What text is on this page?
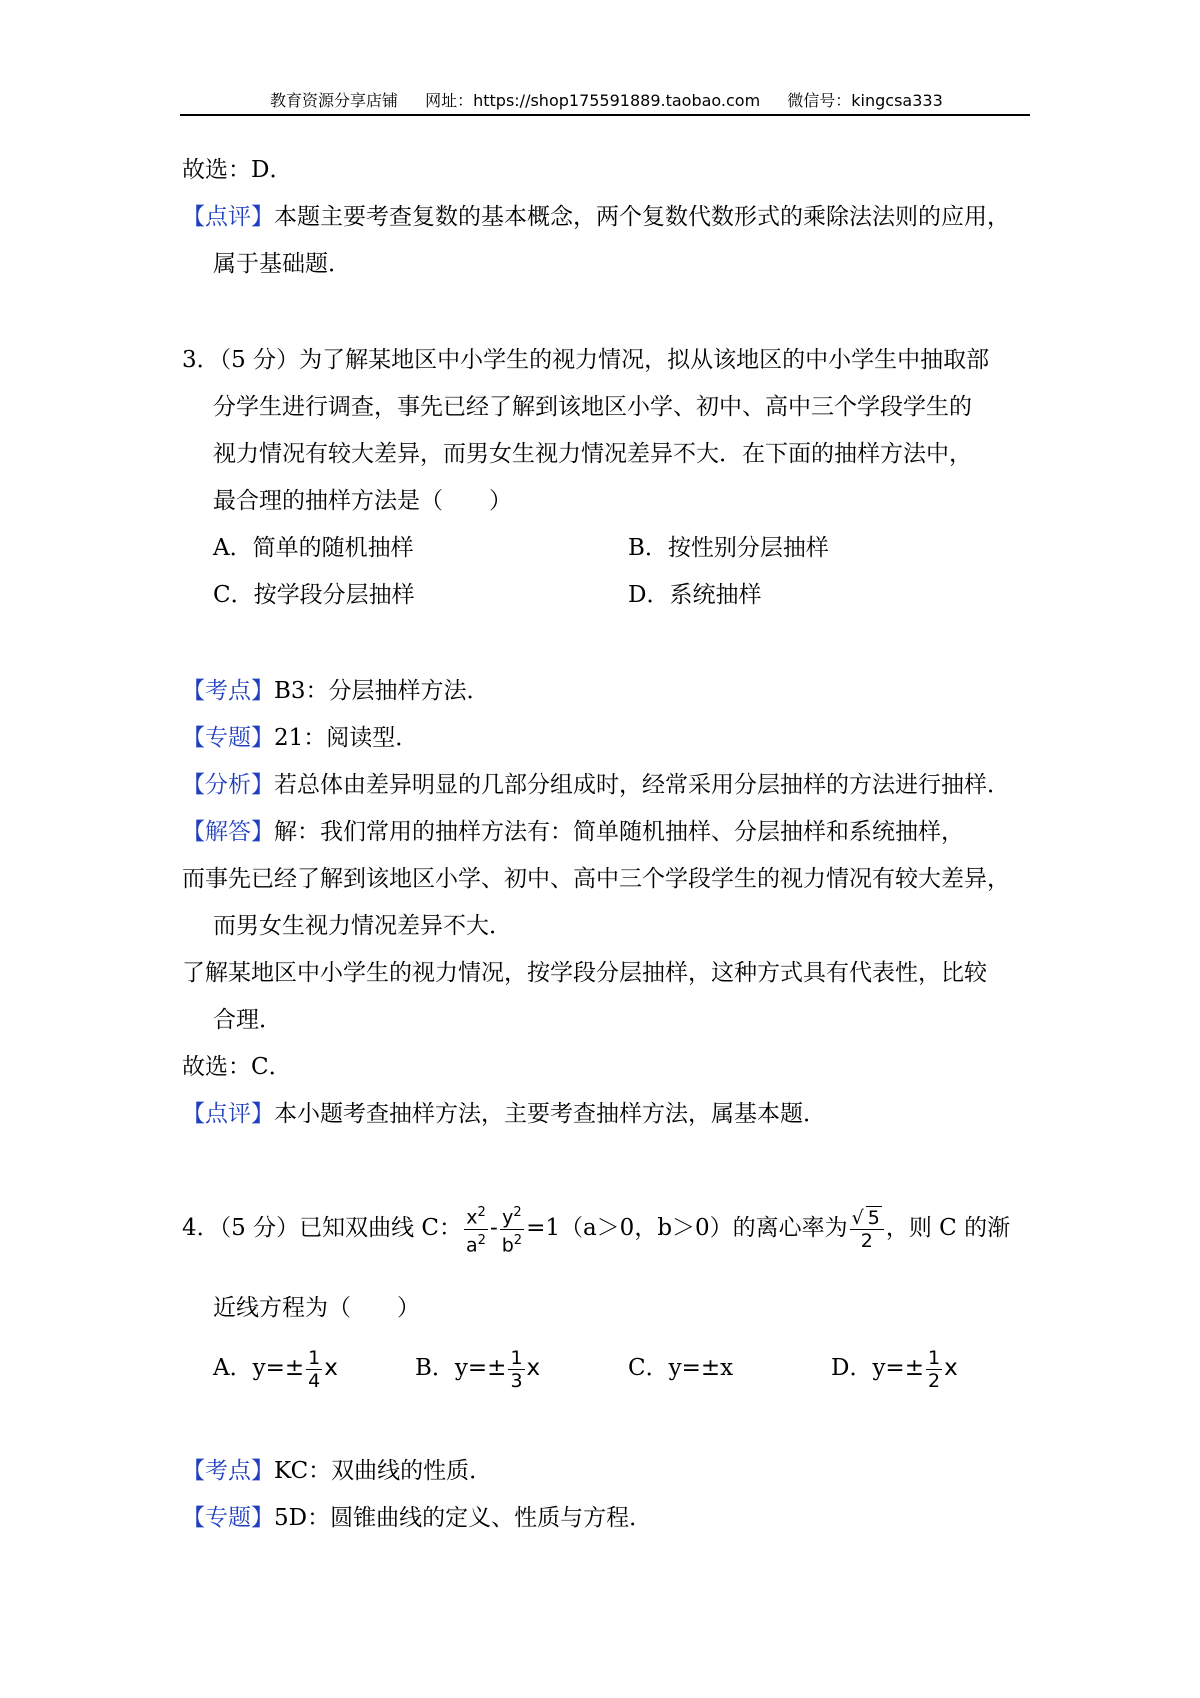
教育资源分享店铺 网址：https://shop175591889.taobao.com 微信号：kingcsa333
故选：D．
【点评】本题主要考查复数的基本概念，两个复数代数形式的乘除法法则的应用，
属于基础题．
3．（5 分）为了解某地区中小学生的视力情况，拟从该地区的中小学生中抽取部
分学生进行调查，事先已经了解到该地区小学、初中、高中三个学段学生的
视力情况有较大差异，而男女生视力情况差异不大．在下面的抽样方法中，
最合理的抽样方法是（　　）
A．简单的随机抽样	B．按性别分层抽样
C．按学段分层抽样	D．系统抽样
【考点】B3：分层抽样方法．
【专题】21：阅读型．
【分析】若总体由差异明显的几部分组成时，经常采用分层抽样的方法进行抽样．
【解答】解：我们常用的抽样方法有：简单随机抽样、分层抽样和系统抽样，
而事先已经了解到该地区小学、初中、高中三个学段学生的视力情况有较大差异，
而男女生视力情况差异不大．
了解某地区中小学生的视力情况，按学段分层抽样，这种方式具有代表性，比较
合理．
故选：C．
【点评】本小题考查抽样方法，主要考查抽样方法，属基本题．
4．（5 分）已知双曲线 C： $\frac{x^2}{a^2} - \frac{y^2}{b^2} =1(a>0$，b＞0）的离心率为 $\frac{√ 5}{2}$ ，则 C 的渐
近线方程为（　　）
A．$y=\pm \frac{1}{4}$ x	B．$y=\pm \frac{1}{3}$ x	C．y=±x	D．$y=\pm \frac{1}{2}$ x
【考点】KC：双曲线的性质．
【专题】5D：圆锥曲线的定义、性质与方程．
